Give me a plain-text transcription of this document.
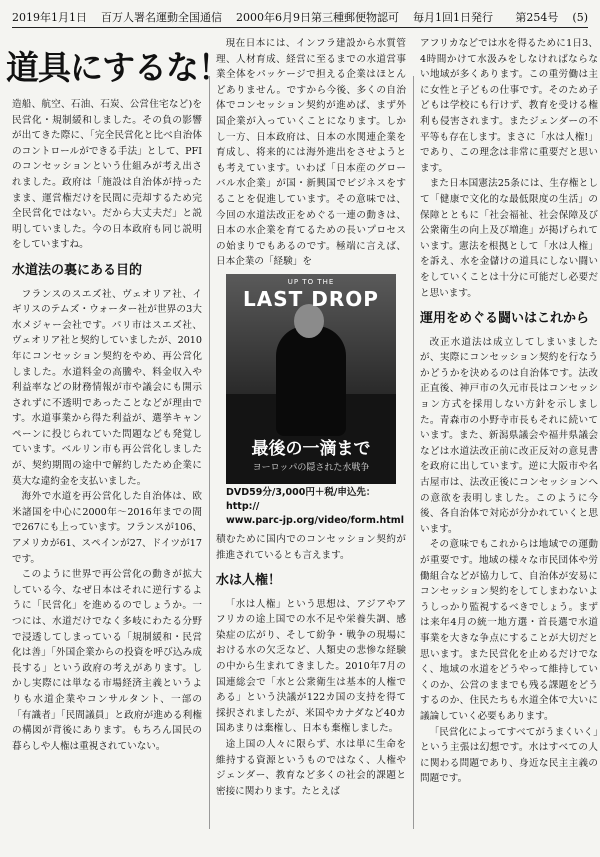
2019年1月1日 百万人署名運動全国通信 2000年6月9日第三種郵便物認可 毎月1回1日発行 第254号 (5)
道具にするな！

造船、航空、石油、石炭、公営住宅など)を民営化・規制緩和しました。その負の影響が出てきた際に、「完全民営化と比べ自治体のコントロールができる手法」として、PFIのコンセッションという仕組みが考え出されました。政府は「施設は自治体が持ったまま、運営権だけを民間に売却するため完全民営化ではない。だから大丈夫だ」と説明していました。今の日本政府も同じ説明をしていますね。

水道法の裏にある目的

フランスのスエズ社、ヴェオリア社、イギリスのテムズ・ウォーター社が世界の3大水メジャー会社です。パリ市はスエズ社、ヴェオリア社と契約していましたが、2010年にコンセッション契約をやめ、再公営化しました。水道料金の高騰や、料金収入や利益率などの財務情報が市や議会にも開示されずに不透明であったことなどが理由です。水道事業から得た利益が、選挙キャンペーンに投じられていた問題なども発覚しています。ベルリン市も再公営化しましたが、契約期間の途中で解約したため企業に莫大な違約金を支払いました。

海外で水道を再公営化した自治体は、欧米諸国を中心に2000年～2016年までの間で267にも上っています。フランスが106、アメリカが61、スペインが27、ドイツが17です。

このように世界で再公営化の動きが拡大している今、なぜ日本はそれに逆行するように「民営化」を進めるのでしょうか。一つには、水道だけでなく多岐にわたる分野で浸透してしまっている「規制緩和・民営化は善」「外国企業からの投資を呼び込み成長する」という政府の考えがあります。しかし実際には単なる市場経済主義というよりも水道企業やコンサルタント、一部の「有識者」「民間議員」と政府が進める利権の構図が背後にあります。もちろん国民の暮らしや人権は重視されていない。

現在日本には、インフラ建設から水質管理、人材育成、経営に至るまでの水道営事業全体をパッケージで担える企業はほとんどありません。ですから今後、多くの自治体でコンセッション契約が進めば、まず外国企業が入っていくことになります。しかし一方、日本政府は、日本の水関連企業を育成し、将来的には海外進出をさせようとも考えています。いわば「日本産のグローバル水企業」が国・新興国でビジネスをすることを促進しています。その意味では、今回の水道法改正をめぐる一連の動きは、日本の水企業を育てるための長いプロセスの始まりでもあるのです。極端に言えば、日本企業の「経験」を

UP TO THE
LAST DROP
最後の一滴まで
ヨーロッパの隠された水戦争
DVD59分/3,000円＋税/申込先：http://
www.parc-jp.org/video/form.html

積むために国内でのコンセッション契約が推進されているとも言えます。

水は人権！

「水は人権」という思想は、アジアやアフリカの途上国での水不足や栄養失調、感染症の広がり、そして紛争・戦争の現場における水の欠乏など、人類史の悲惨な経験の中から生まれてきました。2010年7月の国連総会で「水と公衆衛生は基本的人権である」という決議が122カ国の支持を得て採択されましたが、米国やカナダなど40カ国あまりは棄権し、日本も棄権しました。

途上国の人々に限らず、水は単に生命を維持する資源というものではなく、人権やジェンダー、教育など多くの社会的課題と密接に関わります。たとえば

アフリカなどでは水を得るために1日3、4時間かけて水汲みをしなければならない地域が多くあります。この重労働は主に女性と子どもの仕事です。そのため子どもは学校にも行けず、教育を受ける権利も侵害されます。またジェンダーの不平等も存在します。まさに「水は人権!」であり、この理念は非常に重要だと思います。

また日本国憲法25条には、生存権として「健康で文化的な最低限度の生活」の保障とともに「社会福祉、社会保障及び公衆衛生の向上及び増進」が掲げられています。憲法を根拠として「水は人権」を訴え、水を金儲けの道具にしない闘いをしていくことは十分に可能だし必要だと思います。

運用をめぐる闘いはこれから

改正水道法は成立してしまいましたが、実際にコンセッション契約を行なうかどうかを決めるのは自治体です。法改正直後、神戸市の久元市長はコンセッション方式を採用しない方針を示しました。青森市の小野寺市長もそれに続いています。また、新潟県議会や福井県議会などは水道法改正前に改正反対の意見書を政府に出しています。逆に大阪市や名古屋市は、法改正後にコンセッションへの意欲を表明しました。このように今後、各自治体で対応が分かれていくと思います。

その意味でもこれからは地域での運動が重要です。地域の様々な市民団体や労働組合などが協力して、自治体が安易にコンセッション契約をしてしまわないようしっかり監視するべきでしょう。まずは来年4月の統一地方選・首長選で水道事業を大きな争点にすることが大切だと思います。また民営化を止めるだけでなく、地域の水道をどうやって維持していくのか、公営のままでも残る課題をどうするのか、住民たちも水道全体で大いに議論していく必要もあります。

「民営化によってすべてがうまくいく」という主張は幻想です。水はすべての人に関わる問題であり、身近な民主主義の問題です。
